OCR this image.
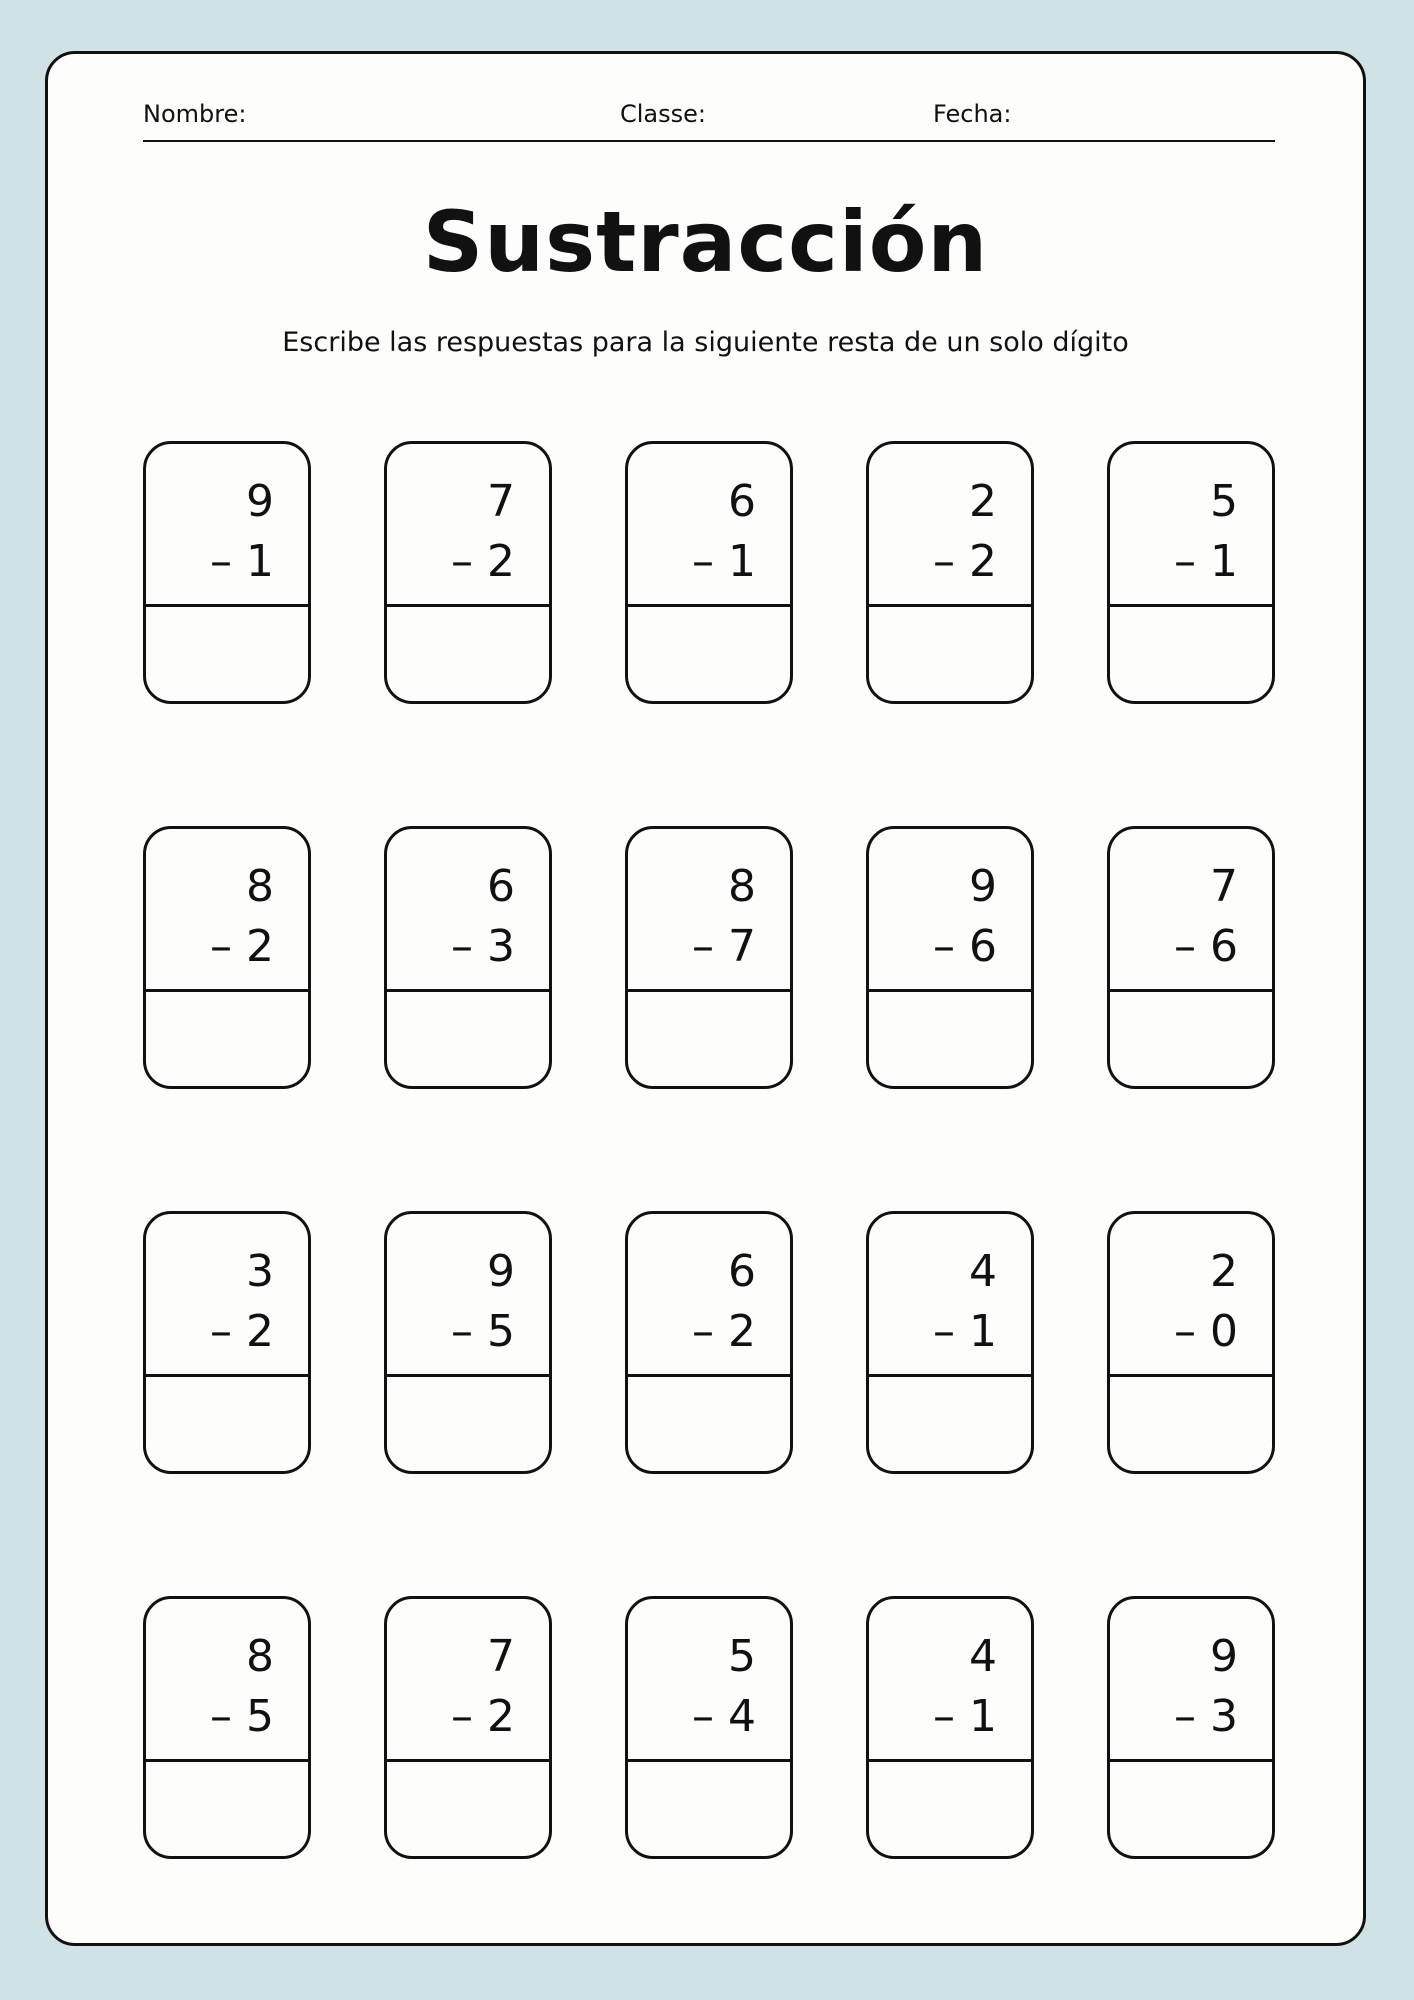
Nombre:	Classe:	Fecha:
Sustracción
Escribe las respuestas para la siguiente resta de un solo dígito
9
– 1
7
– 2
6
– 1
2
– 2
5
– 1
8
– 2
6
– 3
8
– 7
9
– 6
7
– 6
3
– 2
9
– 5
6
– 2
4
– 1
2
– 0
8
– 5
7
– 2
5
– 4
4
– 1
9
– 3
